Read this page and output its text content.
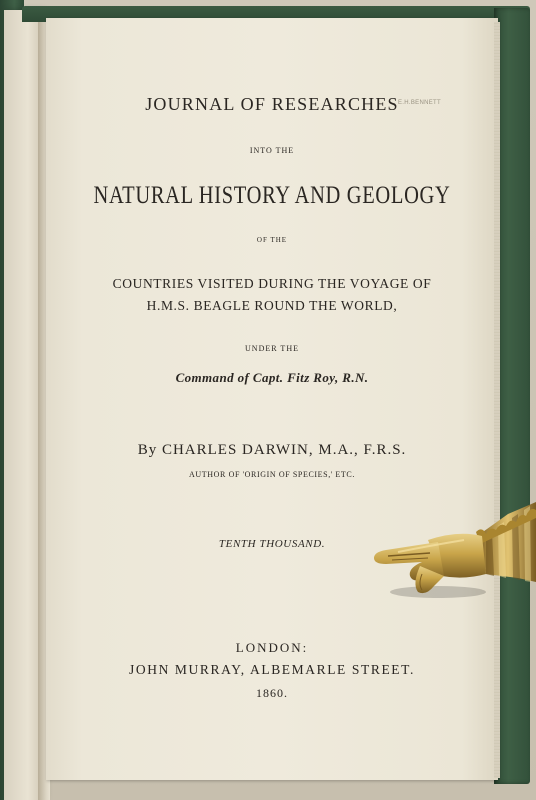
JOURNAL OF RESEARCHES
INTO THE
NATURAL HISTORY AND GEOLOGY
OF THE
COUNTRIES VISITED DURING THE VOYAGE OF
H.M.S. BEAGLE ROUND THE WORLD,
UNDER THE
Command of Capt. Fitz Roy, R.N.
By CHARLES DARWIN, M.A., F.R.S.
AUTHOR OF 'ORIGIN OF SPECIES,' ETC.
TENTH THOUSAND.
LONDON:
JOHN MURRAY, ALBEMARLE STREET.
1860.
E.H.BENNETT
